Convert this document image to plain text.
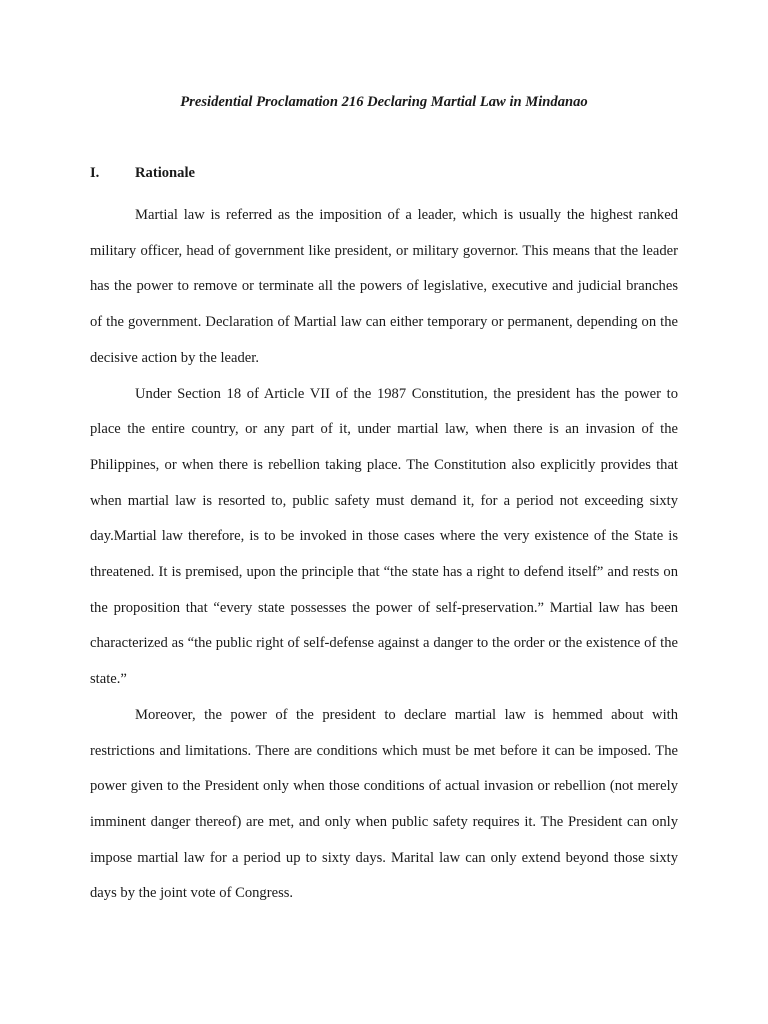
Presidential Proclamation 216 Declaring Martial Law in Mindanao
I.	Rationale

Martial law is referred as the imposition of a leader, which is usually the highest ranked military officer, head of government like president, or military governor. This means that the leader has the power to remove or terminate all the powers of legislative, executive and judicial branches of the government. Declaration of Martial law can either temporary or permanent, depending on the decisive action by the leader.

Under Section 18 of Article VII of the 1987 Constitution, the president has the power to place the entire country, or any part of it, under martial law, when there is an invasion of the Philippines, or when there is rebellion taking place. The Constitution also explicitly provides that when martial law is resorted to, public safety must demand it, for a period not exceeding sixty day.Martial law therefore, is to be invoked in those cases where the very existence of the State is threatened. It is premised, upon the principle that “the state has a right to defend itself” and rests on the proposition that “every state possesses the power of self-preservation.” Martial law has been characterized as “the public right of self-defense against a danger to the order or the existence of the state.”

Moreover, the power of the president to declare martial law is hemmed about with restrictions and limitations. There are conditions which must be met before it can be imposed. The power given to the President only when those conditions of actual invasion or rebellion (not merely imminent danger thereof) are met, and only when public safety requires it. The President can only impose martial law for a period up to sixty days. Marital law can only extend beyond those sixty days by the joint vote of Congress.
